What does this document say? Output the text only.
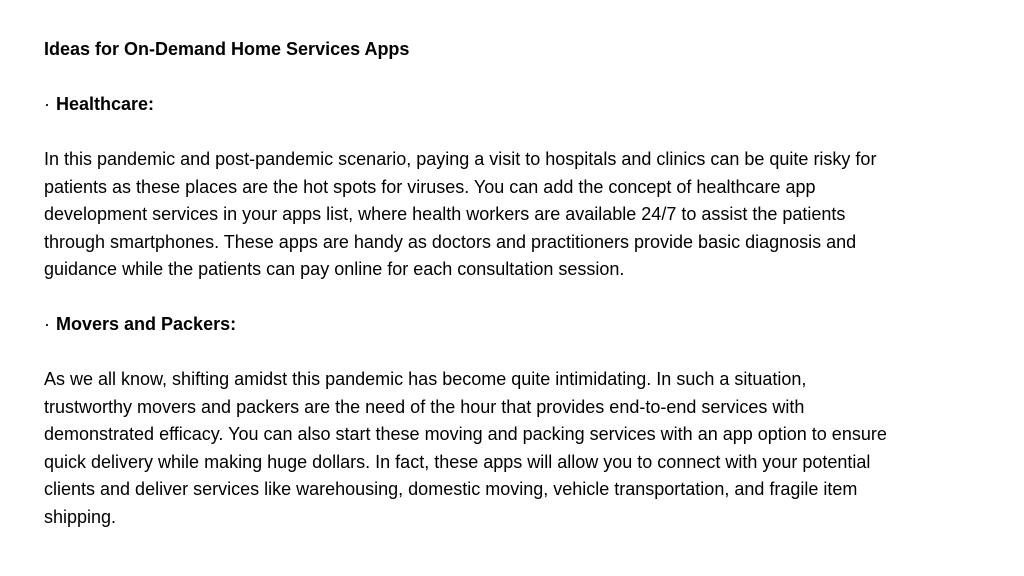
Ideas for On-Demand Home Services Apps

· Healthcare:

In this pandemic and post-pandemic scenario, paying a visit to hospitals and clinics can be quite risky for
patients as these places are the hot spots for viruses. You can add the concept of healthcare app
development services in your apps list, where health workers are available 24/7 to assist the patients
through smartphones. These apps are handy as doctors and practitioners provide basic diagnosis and
guidance while the patients can pay online for each consultation session.

· Movers and Packers:

As we all know, shifting amidst this pandemic has become quite intimidating. In such a situation,
trustworthy movers and packers are the need of the hour that provides end-to-end services with
demonstrated efficacy. You can also start these moving and packing services with an app option to ensure
quick delivery while making huge dollars. In fact, these apps will allow you to connect with your potential
clients and deliver services like warehousing, domestic moving, vehicle transportation, and fragile item
shipping.
